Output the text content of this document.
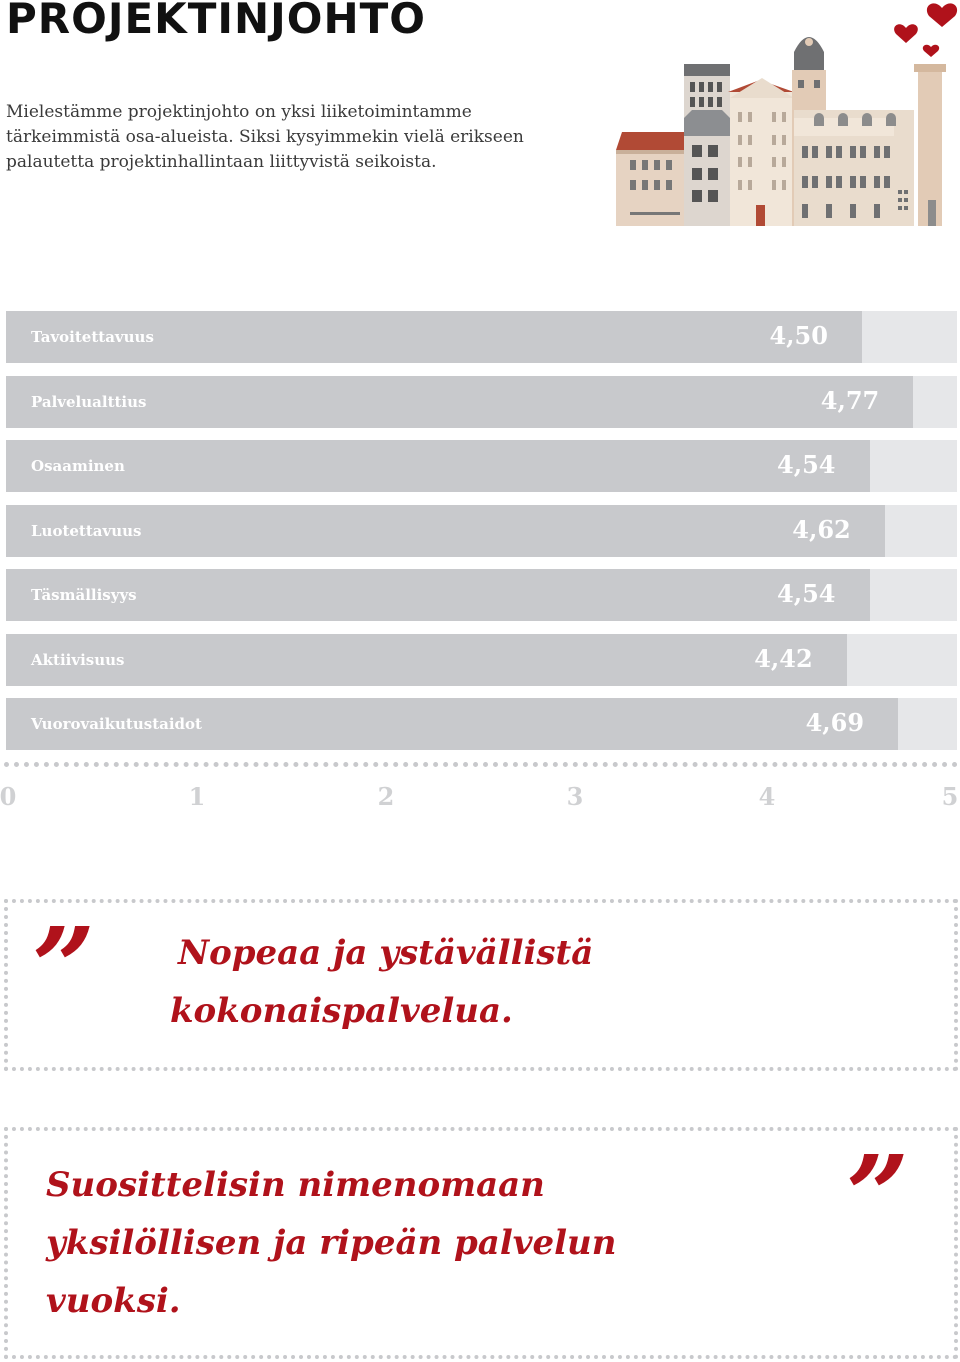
PROJEKTINJOHTO

Mielestämme projektinjohto on yksi liiketoimintamme tärkeimmistä osa-alueista. Siksi kysyimmekin vielä erikseen palautetta projektinhallintaan liittyvistä seikoista.

Tavoitettavuus	4,50
Palvelualttius	4,77
Osaaminen	4,54
Luotettavuus	4,62
Täsmällisyys	4,54
Aktiivisuus	4,42
Vuorovaikutustaidot	4,69
0	1	2	3	4	5
” Nopeaa ja ystävällistä

kokonaispalvelua.

Suosittelisin nimenomaan

yksilöllisen ja ripeän palvelun

vuoksi.

”
